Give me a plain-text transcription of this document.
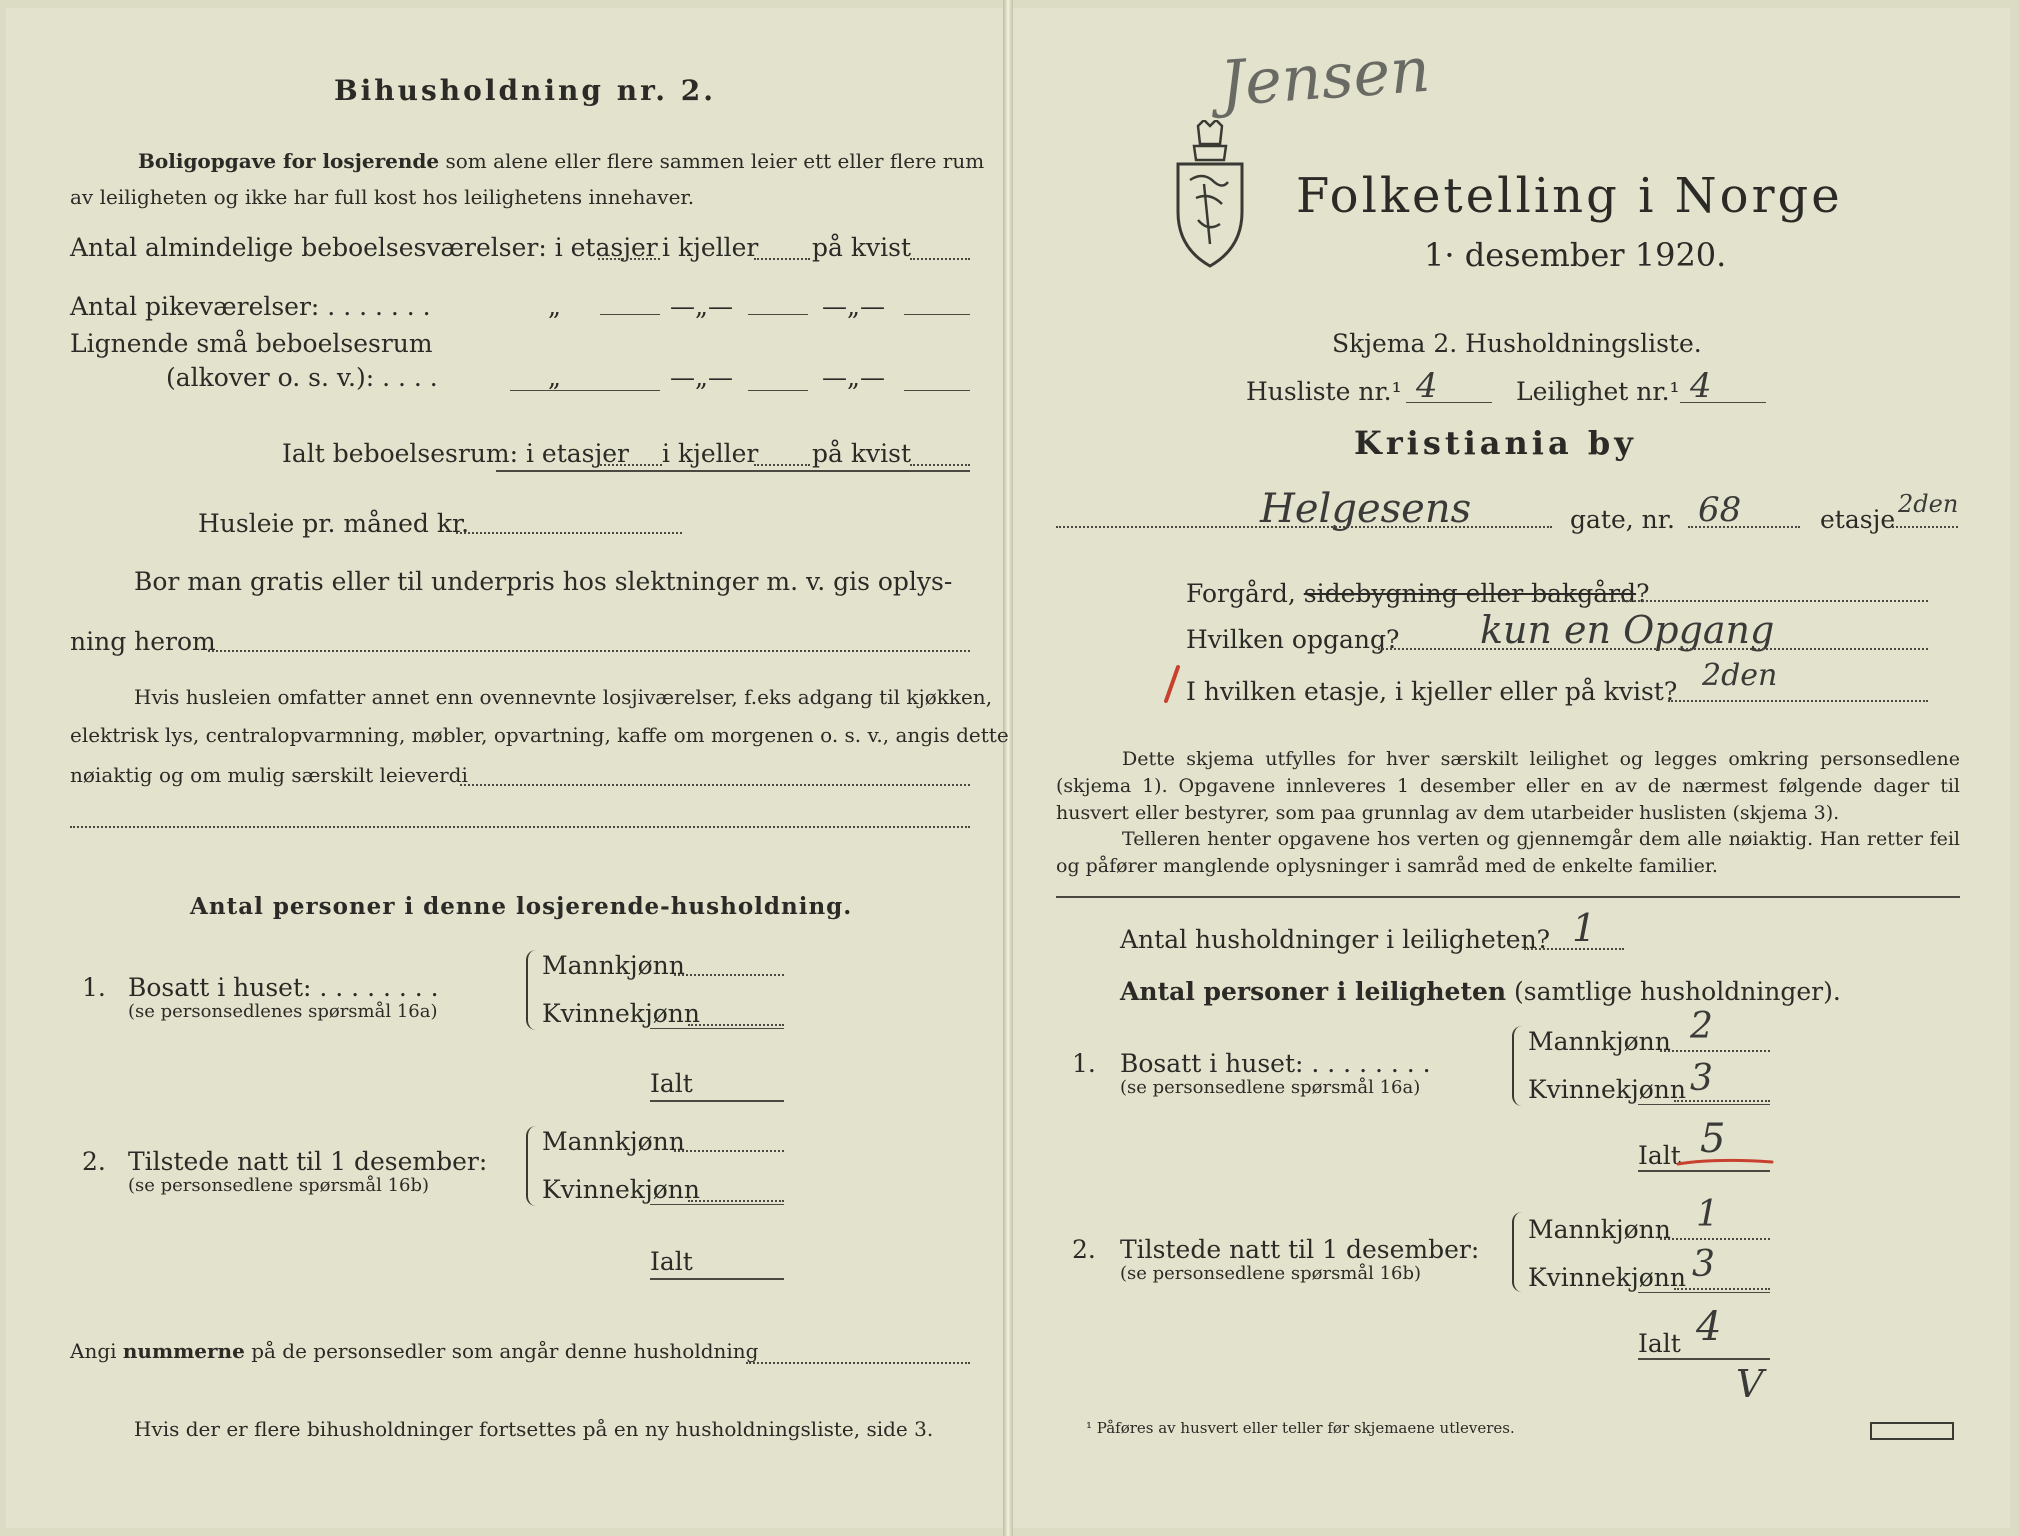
Bihusholdning nr. 2.
Boligopgave for losjerende som alene eller flere sammen leier ett eller flere rum
av leiligheten og ikke har full kost hos leilighetens innehaver.
Antal almindelige beboelsesværelser: i etasjer i kjeller på kvist
Antal pikeværelser: . . . . . . .	„	—„—	—„—
Lignende små beboelsesrum
(alkover o. s. v.): . . . .	„	—„—	—„—
Ialt beboelsesrum: i etasjer i kjeller på kvist
Husleie pr. måned kr.
Bor man gratis eller til underpris hos slektninger m. v. gis oplys-
ning herom
Hvis husleien omfatter annet enn ovennevnte losjiværelser, f.eks adgang til kjøkken,
elektrisk lys, centralopvarmning, møbler, opvartning, kaffe om morgenen o. s. v., angis dette
nøiaktig og om mulig særskilt leieverdi
Antal personer i denne losjerende-husholdning.
1. Bosatt i huset: . . . . . . . .
(se personsedlenes spørsmål 16a)
Mannkjønn
Kvinnekjønn
Ialt
2. Tilstede natt til 1 desember:
(se personsedlene spørsmål 16b)
Mannkjønn
Kvinnekjønn
Ialt
Angi nummerne på de personsedler som angår denne husholdning
Hvis der er flere bihusholdninger fortsettes på en ny husholdningsliste, side 3.
Jensen
Folketelling i Norge
1· desember 1920.
Skjema 2. Husholdningsliste.
Husliste nr.¹ 4	Leilighet nr.¹ 4
Kristiania by
Helgesens	gate, nr. 68	etasje
2den
Forgård, sidebygning eller bakgård?
Hvilken opgang? kun en Opgang
I hvilken etasje, i kjeller eller på kvist? 2den
Dette skjema utfylles for hver særskilt leilighet og legges omkring personsedlene (skjema 1). Opgavene innleveres 1 desember eller en av de nærmest følgende dager til husvert eller bestyrer, som paa grunnlag av dem utarbeider huslisten (skjema 3).
Telleren henter opgavene hos verten og gjennemgår dem alle nøiaktig. Han retter feil og påfører manglende oplysninger i samråd med de enkelte familier.
Antal husholdninger i leiligheten? 1
Antal personer i leiligheten (samtlige husholdninger).
1. Bosatt i huset: . . . . . . . .
(se personsedlene spørsmål 16a)
Mannkjønn 2
Kvinnekjønn 3
Ialt 5
2. Tilstede natt til 1 desember:
(se personsedlene spørsmål 16b)
Mannkjønn 1
Kvinnekjønn 3
Ialt 4
V
¹ Påføres av husvert eller teller før skjemaene utleveres.
